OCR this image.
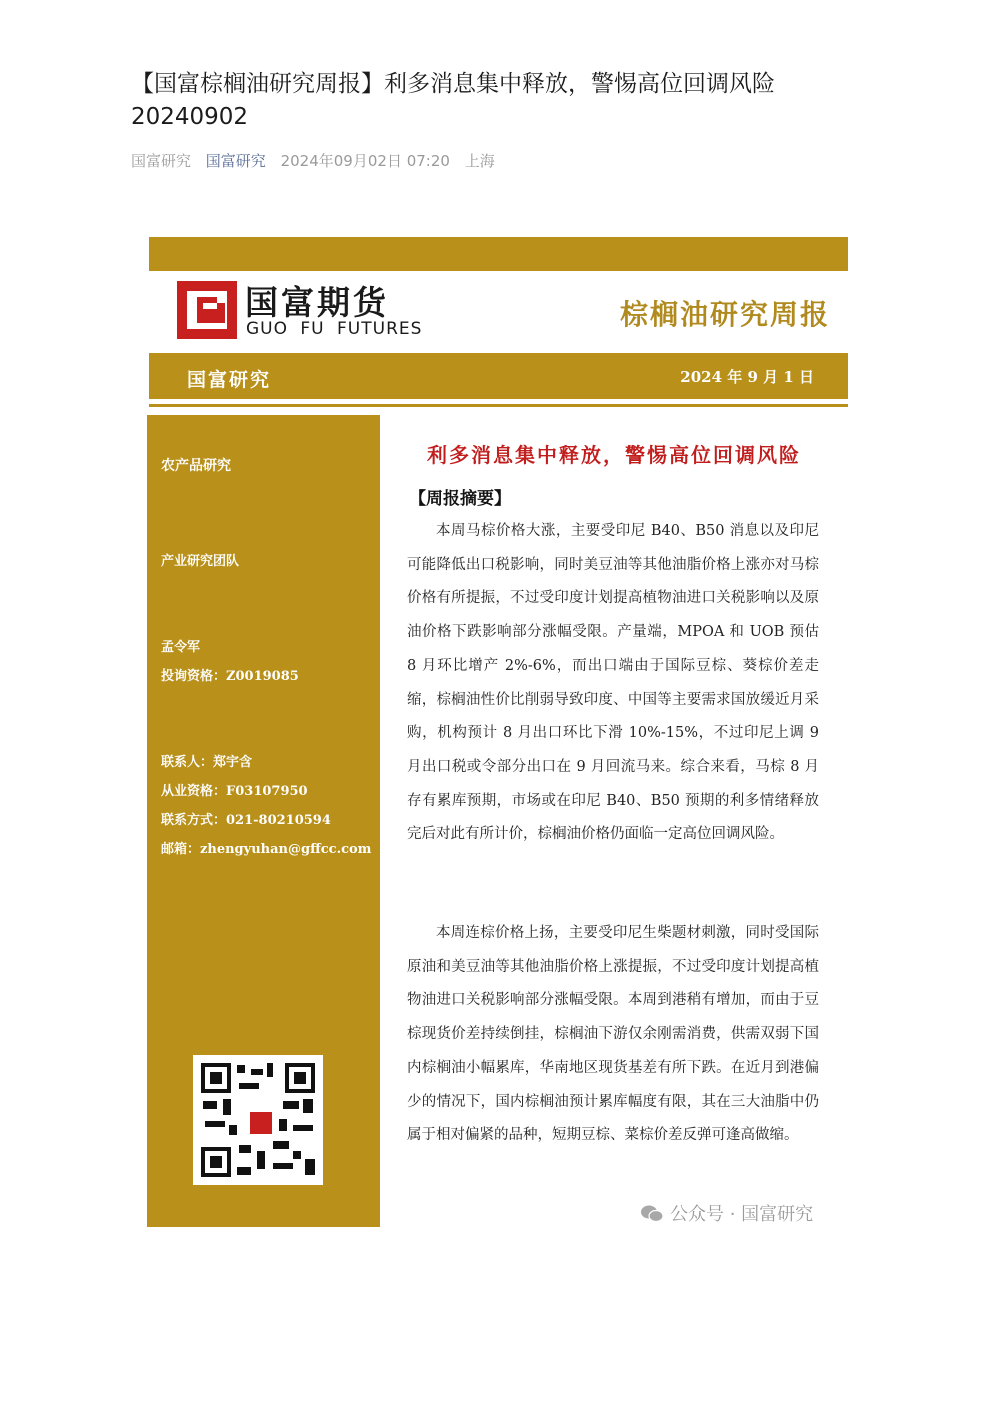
【国富棕榈油研究周报】利多消息集中释放，警惕高位回调风险20240902
国富研究 国富研究 2024年09月02日 07:20 上海
国富期货
GUO FU FUTURES	棕榈油研究周报
国富研究	2024 年 9 月 1 日
农产品研究
产业研究团队
孟令军
投询资格：Z0019085
联系人：郑宇含
从业资格：F03107950
联系方式：021-80210594
邮箱：zhengyuhan@gffcc.com
利多消息集中释放，警惕高位回调风险
【周报摘要】

本周马棕价格大涨，主要受印尼 B40、B50 消息以及印尼可能降低出口税影响，同时美豆油等其他油脂价格上涨亦对马棕价格有所提振，不过受印度计划提高植物油进口关税影响以及原油价格下跌影响部分涨幅受限。产量端，MPOA 和 UOB 预估 8 月环比增产 2%-6%，而出口端由于国际豆棕、葵棕价差走缩，棕榈油性价比削弱导致印度、中国等主要需求国放缓近月采购，机构预计 8 月出口环比下滑 10%-15%，不过印尼上调 9 月出口税或令部分出口在 9 月回流马来。综合来看，马棕 8 月存有累库预期，市场或在印尼 B40、B50 预期的利多情绪释放完后对此有所计价，棕榈油价格仍面临一定高位回调风险。

本周连棕价格上扬，主要受印尼生柴题材刺激，同时受国际原油和美豆油等其他油脂价格上涨提振，不过受印度计划提高植物油进口关税影响部分涨幅受限。本周到港稍有增加，而由于豆棕现货价差持续倒挂，棕榈油下游仅余刚需消费，供需双弱下国内棕榈油小幅累库，华南地区现货基差有所下跌。在近月到港偏少的情况下，国内棕榈油预计累库幅度有限，其在三大油脂中仍属于相对偏紧的品种，短期豆棕、菜棕价差反弹可逢高做缩。

公众号 · 国富研究
